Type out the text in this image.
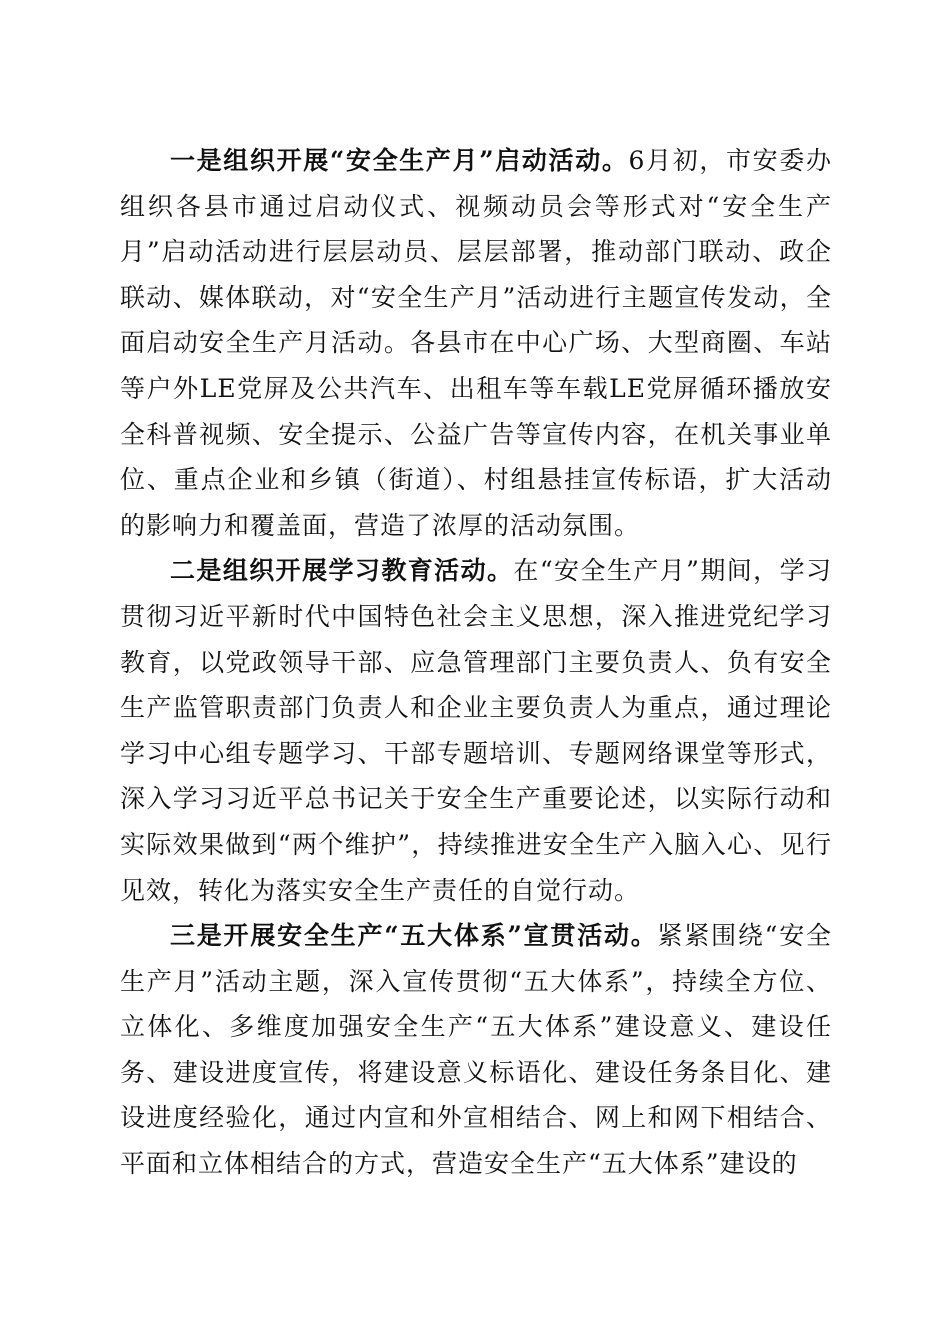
一是组织开展“安全生产月”启动活动。6月初，市安委办组织各县市通过启动仪式、视频动员会等形式对“安全生产月”启动活动进行层层动员、层层部署，推动部门联动、政企联动、媒体联动，对“安全生产月”活动进行主题宣传发动，全面启动安全生产月活动。各县市在中心广场、大型商圈、车站等户外LE党屏及公共汽车、出租车等车载LE党屏循环播放安全科普视频、安全提示、公益广告等宣传内容，在机关事业单位、重点企业和乡镇（街道）、村组悬挂宣传标语，扩大活动的影响力和覆盖面，营造了浓厚的活动氛围。

二是组织开展学习教育活动。在“安全生产月”期间，学习贯彻习近平新时代中国特色社会主义思想，深入推进党纪学习教育，以党政领导干部、应急管理部门主要负责人、负有安全生产监管职责部门负责人和企业主要负责人为重点，通过理论学习中心组专题学习、干部专题培训、专题网络课堂等形式，深入学习习近平总书记关于安全生产重要论述，以实际行动和实际效果做到“两个维护”，持续推进安全生产入脑入心、见行见效，转化为落实安全生产责任的自觉行动。

三是开展安全生产“五大体系”宣贯活动。紧紧围绕“安全生产月”活动主题，深入宣传贯彻“五大体系”，持续全方位、立体化、多维度加强安全生产“五大体系”建设意义、建设任务、建设进度宣传，将建设意义标语化、建设任务条目化、建设进度经验化，通过内宣和外宣相结合、网上和网下相结合、平面和立体相结合的方式，营造安全生产“五大体系”建设的
